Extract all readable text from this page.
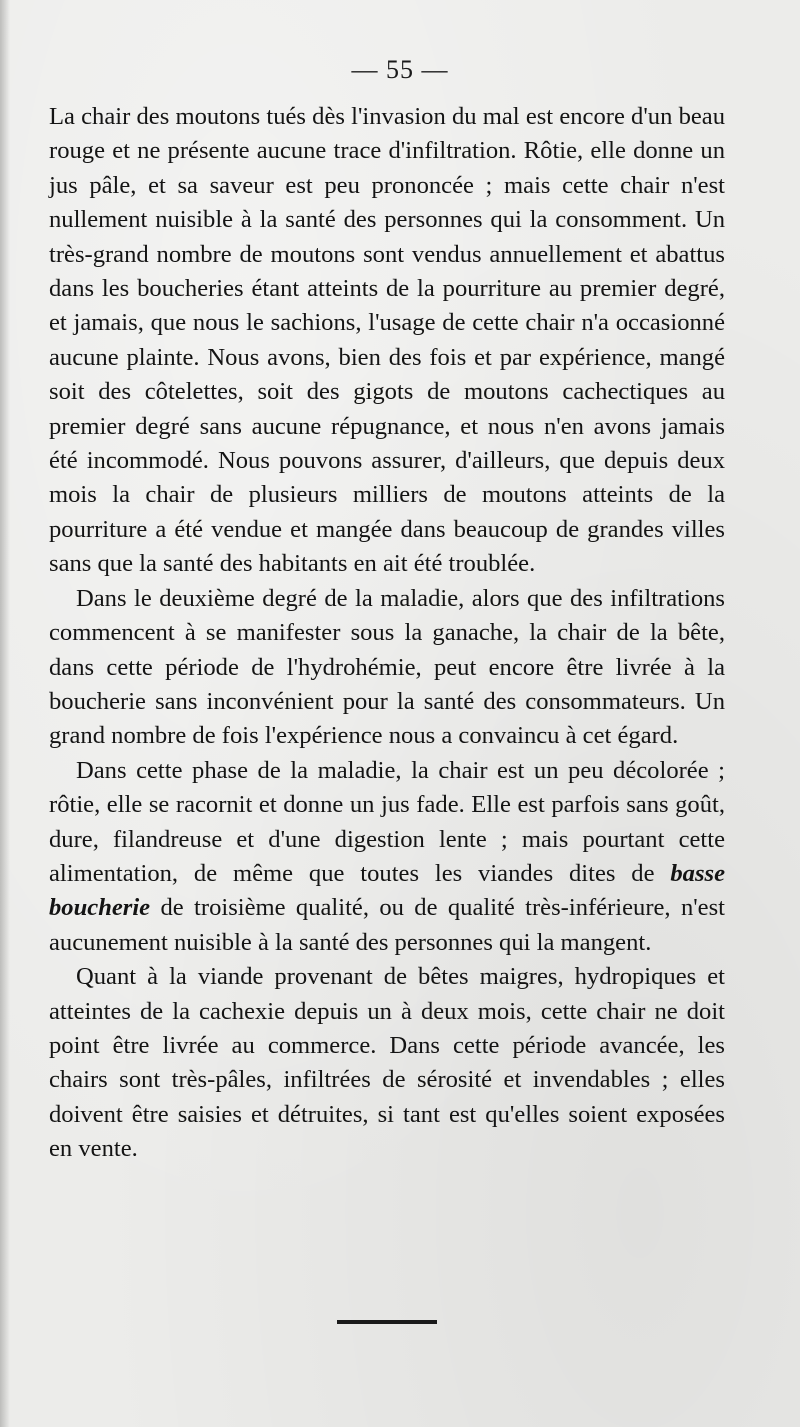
— 55 —

La chair des moutons tués dès l'invasion du mal est encore d'un beau rouge et ne présente aucune trace d'infiltration. Rôtie, elle donne un jus pâle, et sa saveur est peu prononcée ; mais cette chair n'est nullement nuisible à la santé des personnes qui la consomment. Un très-grand nombre de moutons sont vendus annuellement et abattus dans les boucheries étant atteints de la pourriture au premier degré, et jamais, que nous le sachions, l'usage de cette chair n'a occasionné aucune plainte. Nous avons, bien des fois et par expérience, mangé soit des côtelettes, soit des gigots de moutons cachectiques au premier degré sans aucune répugnance, et nous n'en avons jamais été incommodé. Nous pouvons assurer, d'ailleurs, que depuis deux mois la chair de plusieurs milliers de moutons atteints de la pourriture a été vendue et mangée dans beaucoup de grandes villes sans que la santé des habitants en ait été troublée.

Dans le deuxième degré de la maladie, alors que des infiltrations commencent à se manifester sous la ganache, la chair de la bête, dans cette période de l'hydrohémie, peut encore être livrée à la boucherie sans inconvénient pour la santé des consommateurs. Un grand nombre de fois l'expérience nous a convaincu à cet égard.

Dans cette phase de la maladie, la chair est un peu décolorée ; rôtie, elle se racornit et donne un jus fade. Elle est parfois sans goût, dure, filandreuse et d'une digestion lente ; mais pourtant cette alimentation, de même que toutes les viandes dites de basse boucherie de troisième qualité, ou de qualité très-inférieure, n'est aucunement nuisible à la santé des personnes qui la mangent.

Quant à la viande provenant de bêtes maigres, hydropiques et atteintes de la cachexie depuis un à deux mois, cette chair ne doit point être livrée au commerce. Dans cette période avancée, les chairs sont très-pâles, infiltrées de sérosité et invendables ; elles doivent être saisies et détruites, si tant est qu'elles soient exposées en vente.
